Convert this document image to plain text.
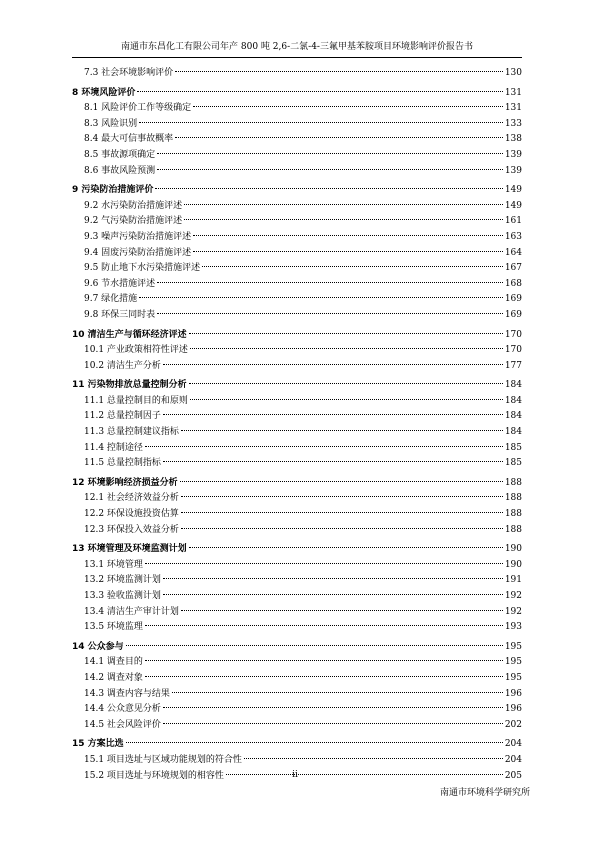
南通市东昌化工有限公司年产 800 吨 2,6-二氯-4-三氟甲基苯胺项目环境影响评价报告书
7.3 社会环境影响评价	130
8 环境风险评价	131
8.1 风险评价工作等级确定	131
8.3 风险识别	133
8.4 最大可信事故概率	138
8.5 事故源项确定	139
8.6 事故风险预测	139
9 污染防治措施评价	149
9.2 水污染防治措施评述	149
9.2 气污染防治措施评述	161
9.3 噪声污染防治措施评述	163
9.4 固废污染防治措施评述	164
9.5 防止地下水污染措施评述	167
9.6 节水措施评述	168
9.7 绿化措施	169
9.8 环保三同时表	169
10 清洁生产与循环经济评述	170
10.1 产业政策相符性评述	170
10.2 清洁生产分析	177
11 污染物排放总量控制分析	184
11.1 总量控制目的和原则	184
11.2 总量控制因子	184
11.3 总量控制建议指标	184
11.4 控制途径	185
11.5 总量控制指标	185
12 环境影响经济损益分析	188
12.1 社会经济效益分析	188
12.2 环保设施投资估算	188
12.3 环保投入效益分析	188
13 环境管理及环境监测计划	190
13.1 环境管理	190
13.2 环境监测计划	191
13.3 验收监测计划	192
13.4 清洁生产审计计划	192
13.5 环境监理	193
14 公众参与	195
14.1 调查目的	195
14.2 调查对象	195
14.3 调查内容与结果	196
14.4 公众意见分析	196
14.5 社会风险评价	202
15 方案比选	204
15.1 项目选址与区域功能规划的符合性	204
15.2 项目选址与环境规划的相容性	205
ii
南通市环境科学研究所
